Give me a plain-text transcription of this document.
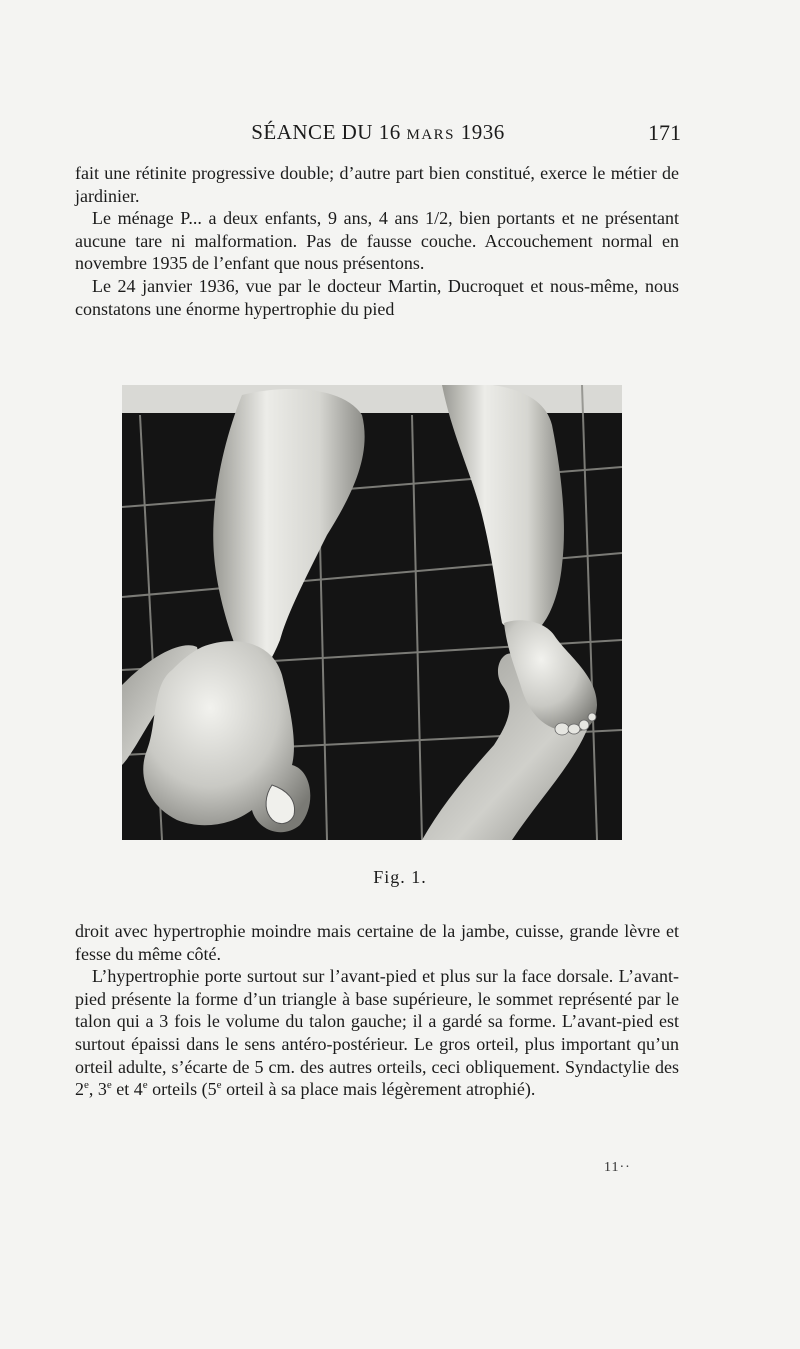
SÉANCE DU 16 MARS 1936	171

fait une rétinite progressive double; d’autre part bien constitué, exerce le métier de jardinier.

Le ménage P... a deux enfants, 9 ans, 4 ans 1/2, bien portants et ne présentant aucune tare ni malformation. Pas de fausse couche. Accouchement normal en novembre 1935 de l’enfant que nous présentons.

Le 24 janvier 1936, vue par le docteur Martin, Ducroquet et nous-même, nous constatons une énorme hypertrophie du pied

Fig. 1.

droit avec hypertrophie moindre mais certaine de la jambe, cuisse, grande lèvre et fesse du même côté.

L’hypertrophie porte surtout sur l’avant-pied et plus sur la face dorsale. L’avant-pied présente la forme d’un triangle à base supérieure, le sommet représenté par le talon qui a 3 fois le volume du talon gauche; il a gardé sa forme. L’avant-pied est surtout épaissi dans le sens antéro-postérieur. Le gros orteil, plus important qu’un orteil adulte, s’écarte de 5 cm. des autres orteils, ceci obliquement. Syndactylie des 2e, 3e et 4e orteils (5e orteil à sa place mais légèrement atrophié).

11··
